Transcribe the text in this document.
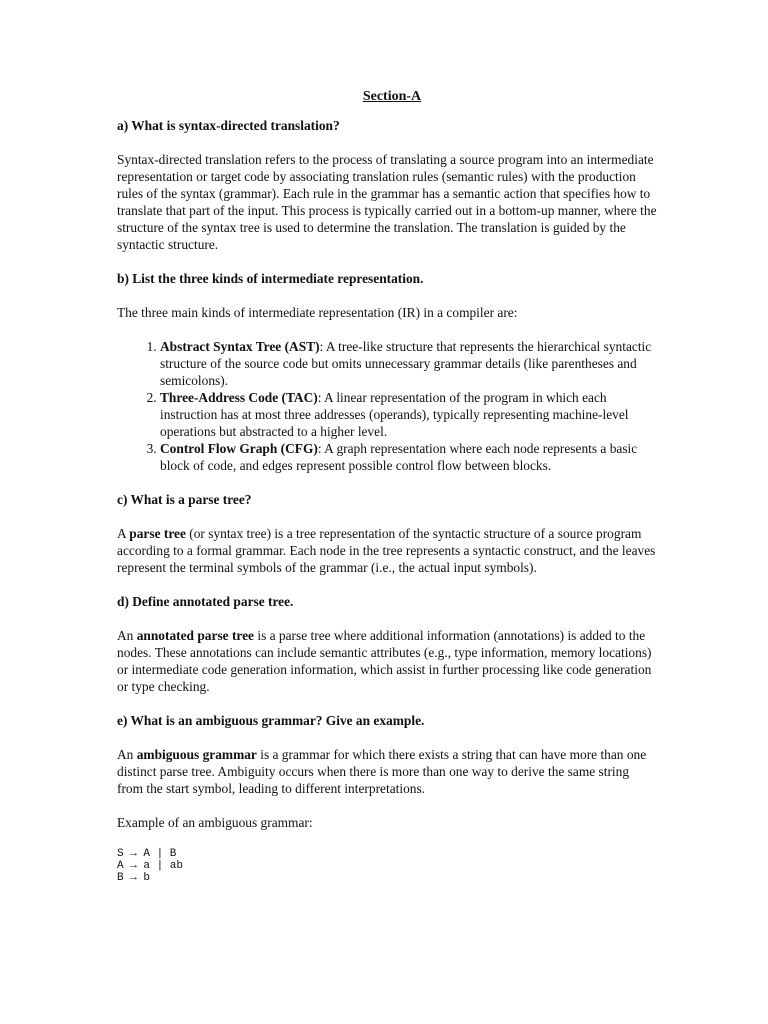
Section-A
a) What is syntax-directed translation?

Syntax-directed translation refers to the process of translating a source program into an intermediate representation or target code by associating translation rules (semantic rules) with the production rules of the syntax (grammar). Each rule in the grammar has a semantic action that specifies how to translate that part of the input. This process is typically carried out in a bottom-up manner, where the structure of the syntax tree is used to determine the translation. The translation is guided by the syntactic structure.

b) List the three kinds of intermediate representation.

The three main kinds of intermediate representation (IR) in a compiler are:

1. Abstract Syntax Tree (AST): A tree-like structure that represents the hierarchical syntactic structure of the source code but omits unnecessary grammar details (like parentheses and semicolons).
2. Three-Address Code (TAC): A linear representation of the program in which each instruction has at most three addresses (operands), typically representing machine-level operations but abstracted to a higher level.
3. Control Flow Graph (CFG): A graph representation where each node represents a basic block of code, and edges represent possible control flow between blocks.
c) What is a parse tree?

A parse tree (or syntax tree) is a tree representation of the syntactic structure of a source program according to a formal grammar. Each node in the tree represents a syntactic construct, and the leaves represent the terminal symbols of the grammar (i.e., the actual input symbols).

d) Define annotated parse tree.

An annotated parse tree is a parse tree where additional information (annotations) is added to the nodes. These annotations can include semantic attributes (e.g., type information, memory locations) or intermediate code generation information, which assist in further processing like code generation or type checking.

e) What is an ambiguous grammar? Give an example.

An ambiguous grammar is a grammar for which there exists a string that can have more than one distinct parse tree. Ambiguity occurs when there is more than one way to derive the same string from the start symbol, leading to different interpretations.

Example of an ambiguous grammar:

S → A | B
A → a | ab
B → b
